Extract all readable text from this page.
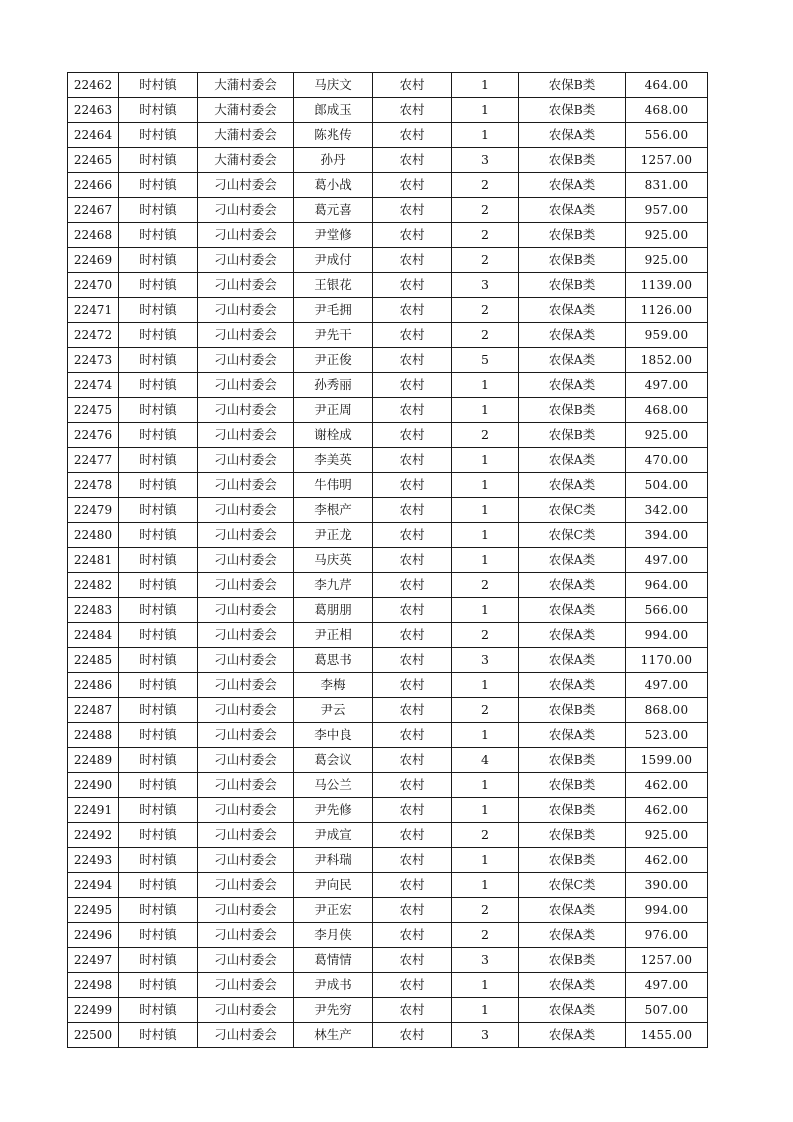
22462	时村镇	大蒲村委会	马庆文	农村	1	农保B类	464.00
22463	时村镇	大蒲村委会	郎成玉	农村	1	农保B类	468.00
22464	时村镇	大蒲村委会	陈兆传	农村	1	农保A类	556.00
22465	时村镇	大蒲村委会	孙丹	农村	3	农保B类	1257.00
22466	时村镇	刁山村委会	葛小战	农村	2	农保A类	831.00
22467	时村镇	刁山村委会	葛元喜	农村	2	农保A类	957.00
22468	时村镇	刁山村委会	尹堂修	农村	2	农保B类	925.00
22469	时村镇	刁山村委会	尹成付	农村	2	农保B类	925.00
22470	时村镇	刁山村委会	王银花	农村	3	农保B类	1139.00
22471	时村镇	刁山村委会	尹毛拥	农村	2	农保A类	1126.00
22472	时村镇	刁山村委会	尹先干	农村	2	农保A类	959.00
22473	时村镇	刁山村委会	尹正俊	农村	5	农保A类	1852.00
22474	时村镇	刁山村委会	孙秀丽	农村	1	农保A类	497.00
22475	时村镇	刁山村委会	尹正周	农村	1	农保B类	468.00
22476	时村镇	刁山村委会	谢栓成	农村	2	农保B类	925.00
22477	时村镇	刁山村委会	李美英	农村	1	农保A类	470.00
22478	时村镇	刁山村委会	牛伟明	农村	1	农保A类	504.00
22479	时村镇	刁山村委会	李根产	农村	1	农保C类	342.00
22480	时村镇	刁山村委会	尹正龙	农村	1	农保C类	394.00
22481	时村镇	刁山村委会	马庆英	农村	1	农保A类	497.00
22482	时村镇	刁山村委会	李九芹	农村	2	农保A类	964.00
22483	时村镇	刁山村委会	葛朋朋	农村	1	农保A类	566.00
22484	时村镇	刁山村委会	尹正相	农村	2	农保A类	994.00
22485	时村镇	刁山村委会	葛思书	农村	3	农保A类	1170.00
22486	时村镇	刁山村委会	李梅	农村	1	农保A类	497.00
22487	时村镇	刁山村委会	尹云	农村	2	农保B类	868.00
22488	时村镇	刁山村委会	李中良	农村	1	农保A类	523.00
22489	时村镇	刁山村委会	葛会议	农村	4	农保B类	1599.00
22490	时村镇	刁山村委会	马公兰	农村	1	农保B类	462.00
22491	时村镇	刁山村委会	尹先修	农村	1	农保B类	462.00
22492	时村镇	刁山村委会	尹成宣	农村	2	农保B类	925.00
22493	时村镇	刁山村委会	尹科瑞	农村	1	农保B类	462.00
22494	时村镇	刁山村委会	尹向民	农村	1	农保C类	390.00
22495	时村镇	刁山村委会	尹正宏	农村	2	农保A类	994.00
22496	时村镇	刁山村委会	李月侠	农村	2	农保A类	976.00
22497	时村镇	刁山村委会	葛情情	农村	3	农保B类	1257.00
22498	时村镇	刁山村委会	尹成书	农村	1	农保A类	497.00
22499	时村镇	刁山村委会	尹先穷	农村	1	农保A类	507.00
22500	时村镇	刁山村委会	林生产	农村	3	农保A类	1455.00
